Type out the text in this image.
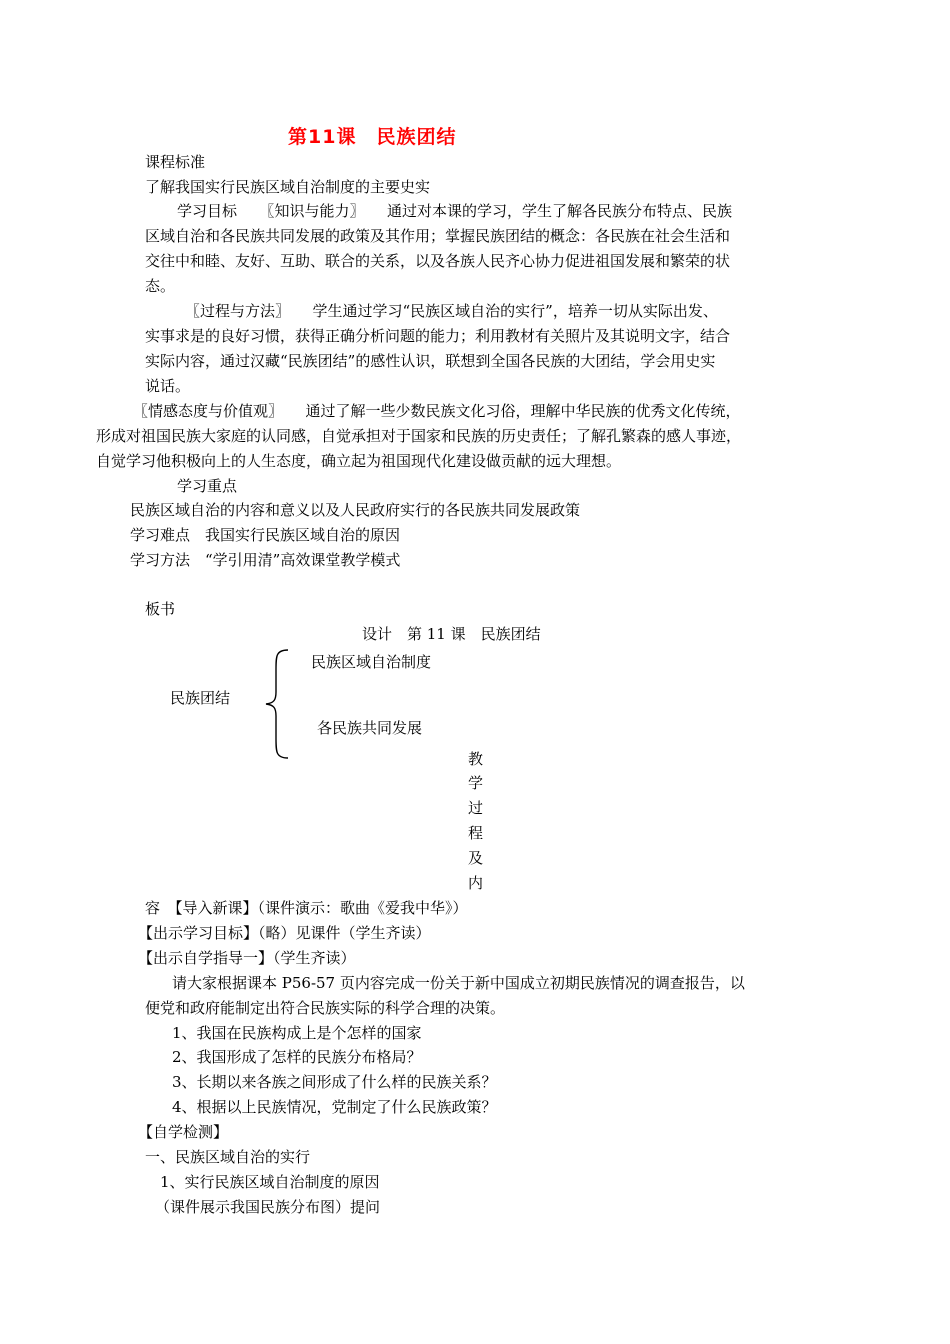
第11课　民族团结
课程标准
了解我国实行民族区域自治制度的主要史实
学习目标　　〖知识与能力〗　　通过对本课的学习，学生了解各民族分布特点、民族
区域自治和各民族共同发展的政策及其作用；掌握民族团结的概念：各民族在社会生活和
交往中和睦、友好、互助、联合的关系，以及各族人民齐心协力促进祖国发展和繁荣的状
态。
〖过程与方法〗　　学生通过学习“民族区域自治的实行”，培养一切从实际出发、
实事求是的良好习惯，获得正确分析问题的能力；利用教材有关照片及其说明文字，结合
实际内容，通过汉藏“民族团结”的感性认识，联想到全国各民族的大团结，学会用史实
说话。
〖情感态度与价值观〗　　通过了解一些少数民族文化习俗，理解中华民族的优秀文化传统，
形成对祖国民族大家庭的认同感，自觉承担对于国家和民族的历史责任；了解孔繁森的感人事迹，
自觉学习他积极向上的人生态度，确立起为祖国现代化建设做贡献的远大理想。
学习重点
民族区域自治的内容和意义以及人民政府实行的各民族共同发展政策
学习难点　我国实行民族区域自治的原因
学习方法　“学引用清”高效课堂教学模式
板书
设计　第 11 课　民族团结
民族区域自治制度
民族团结
各民族共同发展
教
学
过
程
及
内
容　【导入新课】（课件演示：歌曲《爱我中华》）
【出示学习目标】（略）见课件（学生齐读）
【出示自学指导一】（学生齐读）
请大家根据课本 P56-57 页内容完成一份关于新中国成立初期民族情况的调查报告，以
便党和政府能制定出符合民族实际的科学合理的决策。
1、我国在民族构成上是个怎样的国家
2、我国形成了怎样的民族分布格局？
3、长期以来各族之间形成了什么样的民族关系？
4、根据以上民族情况，党制定了什么民族政策？
【自学检测】
一、民族区域自治的实行
1、实行民族区域自治制度的原因
（课件展示我国民族分布图）提问
